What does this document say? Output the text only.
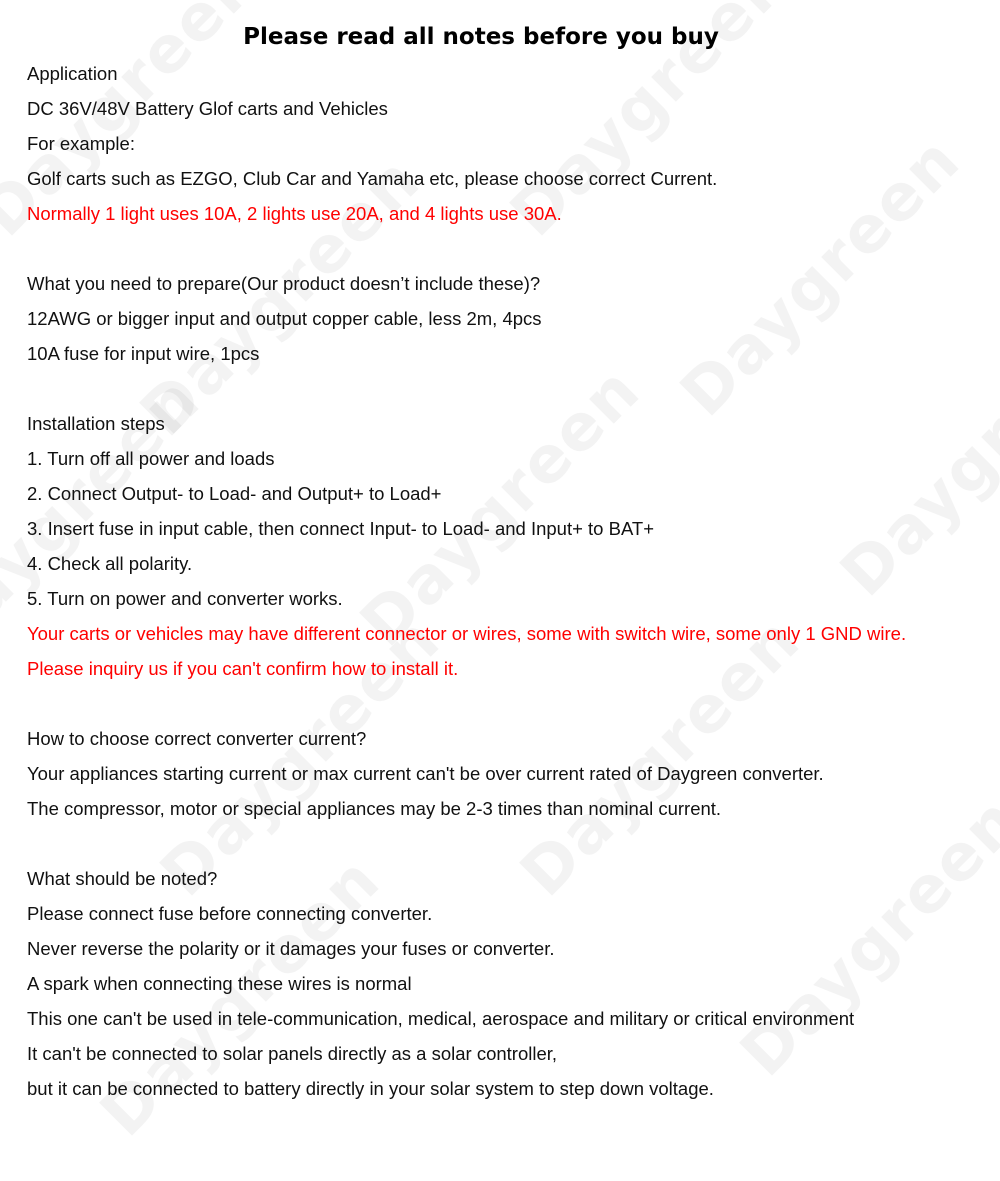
Please read all notes before you buy
Application
DC 36V/48V Battery Glof carts and Vehicles
For example:
Golf carts such as EZGO, Club Car and Yamaha etc, please choose correct Current.
Normally 1 light uses 10A, 2 lights use 20A, and 4 lights use 30A.
What you need to prepare(Our product doesn’t include these)?
12AWG or bigger input and output copper cable, less 2m, 4pcs
10A fuse for input wire, 1pcs
Installation steps
1. Turn off all power and loads
2. Connect Output- to Load- and Output+ to Load+
3. Insert fuse in input cable, then connect Input- to Load- and Input+ to BAT+
4. Check all polarity.
5. Turn on power and converter works.
Your carts or vehicles may have different connector or wires, some with switch wire, some only 1 GND wire.
Please inquiry us if you can't confirm how to install it.
How to choose correct converter current?
Your appliances starting current or max current can't be over current rated of Daygreen converter.
The compressor, motor or special appliances may be 2-3 times than nominal current.
What should be noted?
Please connect fuse before connecting converter.
Never reverse the polarity or it damages your fuses or converter.
A spark when connecting these wires is normal
This one can't be used in tele-communication, medical, aerospace and military or critical environment
It can't be connected to solar panels directly as a solar controller,
but it can be connected to battery directly in your solar system to step down voltage.
